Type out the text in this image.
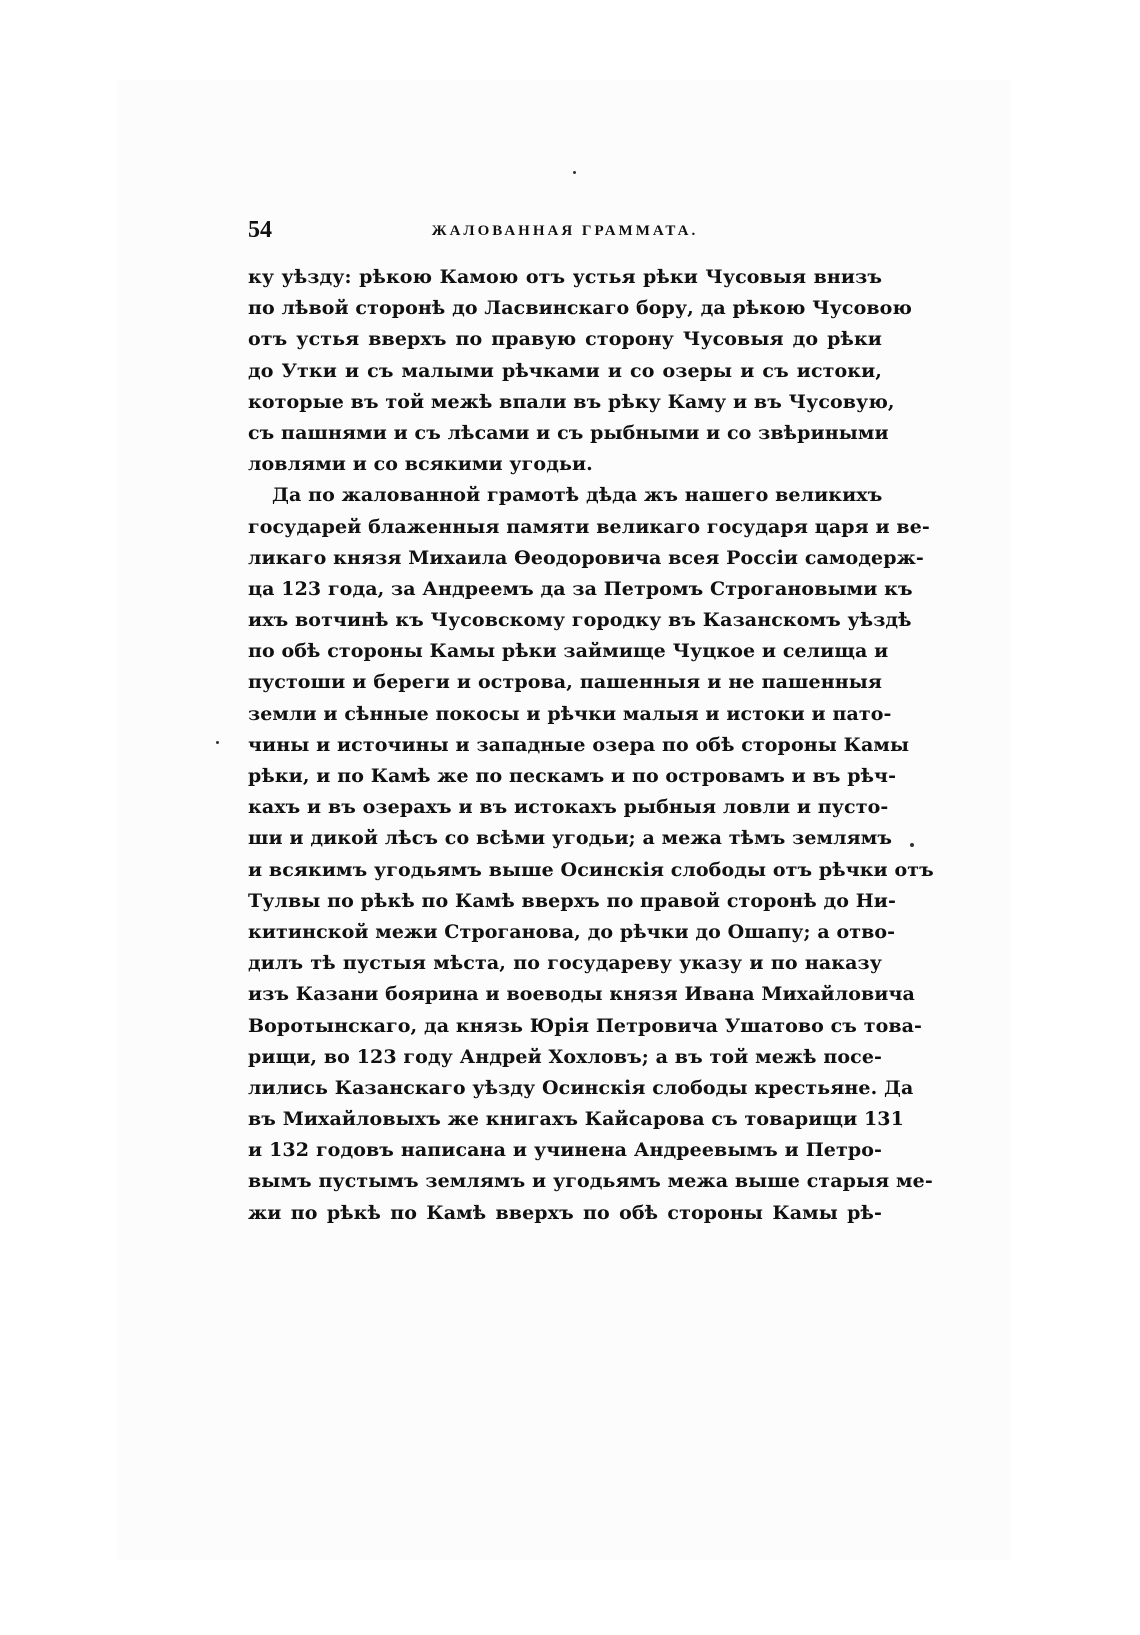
54	ЖАЛОВАННАЯ ГРАММАТА.
ку уѣзду: рѣкою Камою отъ устья рѣки Чусовыя внизъ
по лѣвой сторонѣ до Ласвинскаго бору, да рѣкою Чусовою
отъ устья вверхъ по правую сторону Чусовыя до рѣки
до Утки и съ малыми рѣчками и со озеры и съ истоки,
которые въ той межѣ впали въ рѣку Каму и въ Чусовую,
съ пашнями и съ лѣсами и съ рыбными и со звѣриными
ловлями и со всякими угодьи.
Да по жалованной грамотѣ дѣда жъ нашего великихъ
государей блаженныя памяти великаго государя царя и ве-
ликаго князя Михаила Ѳеодоровича всея Россіи самодерж-
ца 123 года, за Андреемъ да за Петромъ Строгановыми къ
ихъ вотчинѣ къ Чусовскому городку въ Казанскомъ уѣздѣ
по обѣ стороны Камы рѣки займище Чуцкое и селища и
пустоши и береги и острова, пашенныя и не пашенныя
земли и сѣнные покосы и рѣчки малыя и истоки и пато-
чины и источины и западные озера по обѣ стороны Камы
рѣки, и по Камѣ же по пескамъ и по островамъ и въ рѣч-
кахъ и въ озерахъ и въ истокахъ рыбныя ловли и пусто-
ши и дикой лѣсъ со всѣми угодьи; а межа тѣмъ землямъ
и всякимъ угодьямъ выше Осинскія слободы отъ рѣчки отъ
Тулвы по рѣкѣ по Камѣ вверхъ по правой сторонѣ до Ни-
китинской межи Строганова, до рѣчки до Ошапу; а отво-
дилъ тѣ пустыя мѣста, по государеву указу и по наказу
изъ Казани боярина и воеводы князя Ивана Михайловича
Воротынскаго, да князь Юрія Петровича Ушатово съ това-
рищи, во 123 году Андрей Хохловъ; а въ той межѣ посе-
лились Казанскаго уѣзду Осинскія слободы крестьяне. Да
въ Михайловыхъ же книгахъ Кайсарова съ товарищи 131
и 132 годовъ написана и учинена Андреевымъ и Петро-
вымъ пустымъ землямъ и угодьямъ межа выше старыя ме-
жи по рѣкѣ по Камѣ вверхъ по обѣ стороны Камы рѣ-
